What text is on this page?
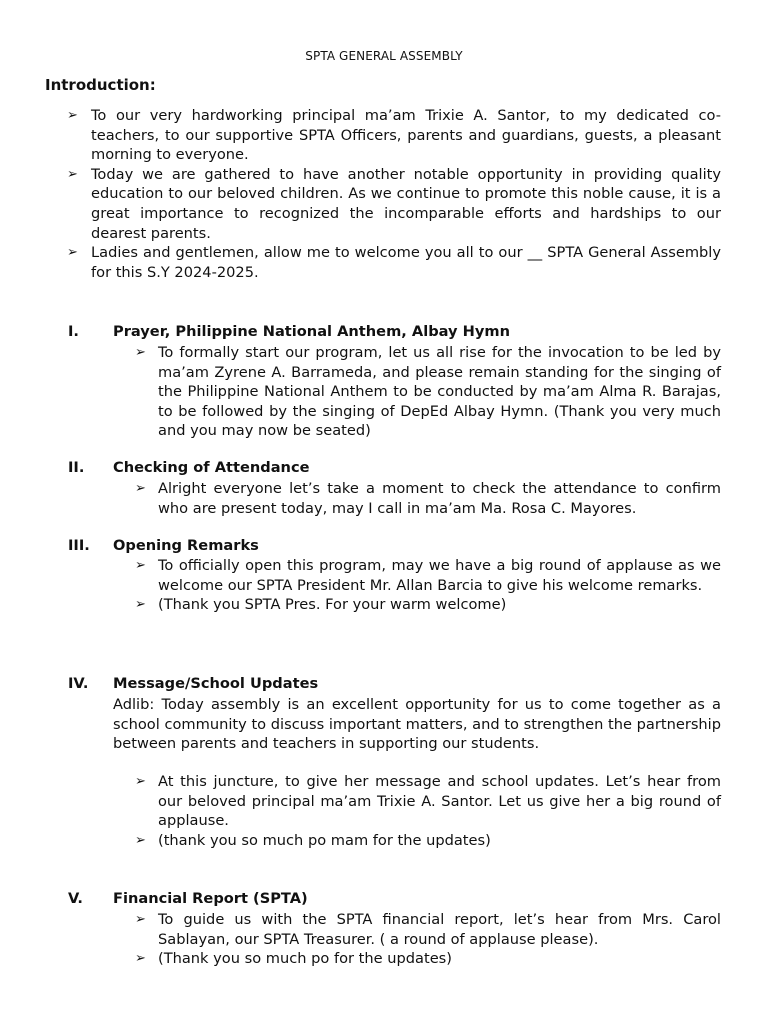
SPTA GENERAL ASSEMBLY
Introduction:
➢ To our very hardworking principal ma’am Trixie A. Santor, to my dedicated co-teachers, to our supportive SPTA Officers, parents and guardians, guests, a pleasant morning to everyone.
➢ Today we are gathered to have another notable opportunity in providing quality education to our beloved children. As we continue to promote this noble cause, it is a great importance to recognized the incomparable efforts and hardships to our dearest parents.
➢ Ladies and gentlemen, allow me to welcome you all to our __ SPTA General Assembly for this S.Y 2024-2025.
I.	Prayer, Philippine National Anthem, Albay Hymn
➢ To formally start our program, let us all rise for the invocation to be led by ma’am Zyrene A. Barrameda, and please remain standing for the singing of the Philippine National Anthem to be conducted by ma’am Alma R. Barajas, to be followed by the singing of DepEd Albay Hymn. (Thank you very much and you may now be seated)
II.	Checking of Attendance
➢ Alright everyone let’s take a moment to check the attendance to confirm who are present today, may I call in ma’am Ma. Rosa C. Mayores.
III.	Opening Remarks
➢ To officially open this program, may we have a big round of applause as we welcome our SPTA President Mr. Allan Barcia to give his welcome remarks.
➢ (Thank you SPTA Pres. For your warm welcome)
IV.	Message/School Updates
Adlib: Today assembly is an excellent opportunity for us to come together as a school community to discuss important matters, and to strengthen the partnership between parents and teachers in supporting our students.
➢ At this juncture, to give her message and school updates. Let’s hear from our beloved principal ma’am Trixie A. Santor. Let us give her a big round of applause.
➢ (thank you so much po mam for the updates)
V.	Financial Report (SPTA)
➢ To guide us with the SPTA financial report, let’s hear from Mrs. Carol Sablayan, our SPTA Treasurer. ( a round of applause please).
➢ (Thank you so much po for the updates)
